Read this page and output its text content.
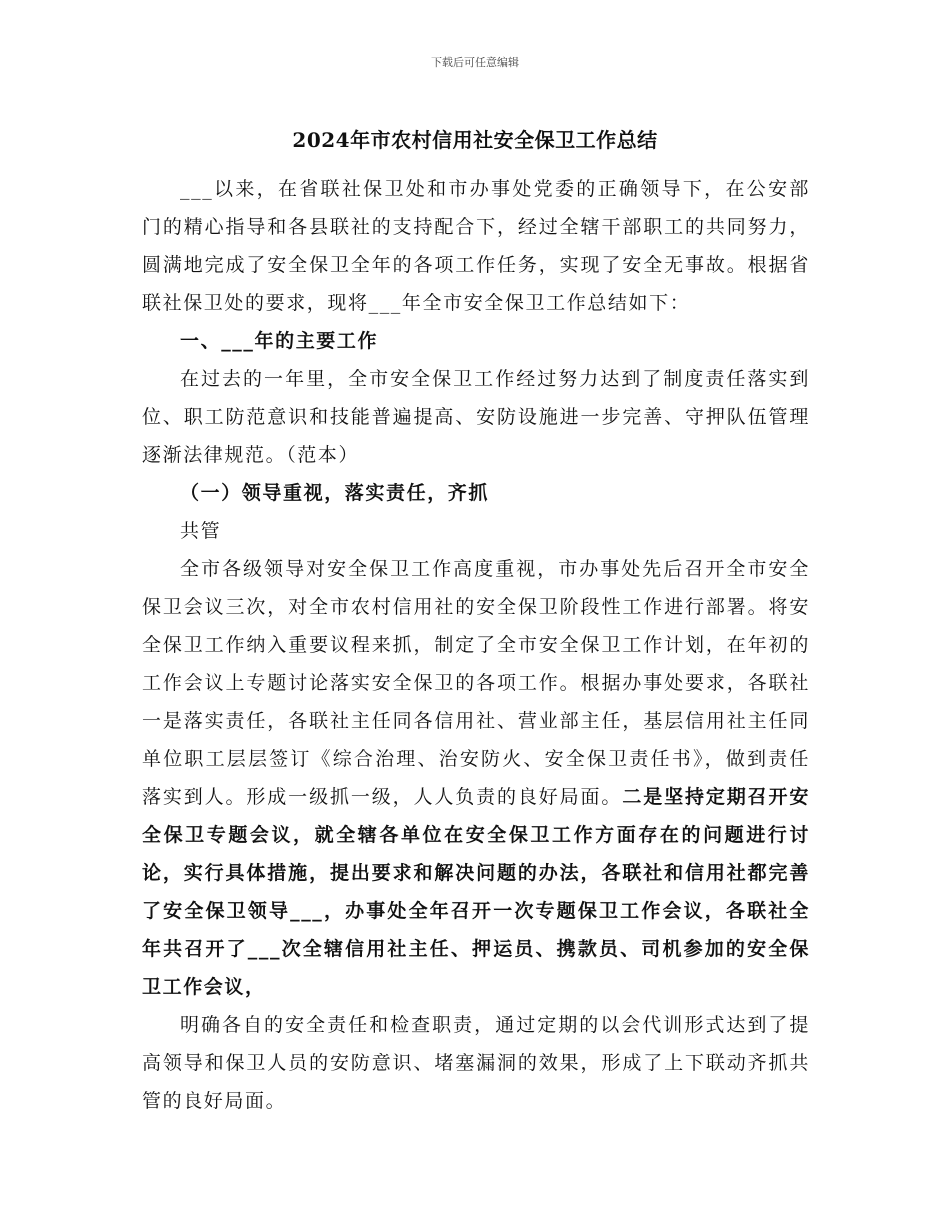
下载后可任意编辑
2024年市农村信用社安全保卫工作总结

___以来，在省联社保卫处和市办事处党委的正确领导下，在公安部门的精心指导和各县联社的支持配合下，经过全辖干部职工的共同努力，圆满地完成了安全保卫全年的各项工作任务，实现了安全无事故。根据省联社保卫处的要求，现将___年全市安全保卫工作总结如下：

一、___年的主要工作

在过去的一年里，全市安全保卫工作经过努力达到了制度责任落实到位、职工防范意识和技能普遍提高、安防设施进一步完善、守押队伍管理逐渐法律规范。（范本）

（一）领导重视，落实责任，齐抓

共管

全市各级领导对安全保卫工作高度重视，市办事处先后召开全市安全保卫会议三次，对全市农村信用社的安全保卫阶段性工作进行部署。将安全保卫工作纳入重要议程来抓，制定了全市安全保卫工作计划，在年初的工作会议上专题讨论落实安全保卫的各项工作。根据办事处要求，各联社一是落实责任，各联社主任同各信用社、营业部主任，基层信用社主任同单位职工层层签订《综合治理、治安防火、安全保卫责任书》，做到责任落实到人。形成一级抓一级，人人负责的良好局面。二是坚持定期召开安全保卫专题会议，就全辖各单位在安全保卫工作方面存在的问题进行讨论，实行具体措施，提出要求和解决问题的办法，各联社和信用社都完善了安全保卫领导___，办事处全年召开一次专题保卫工作会议，各联社全年共召开了___次全辖信用社主任、押运员、携款员、司机参加的安全保卫工作会议，

明确各自的安全责任和检查职责，通过定期的以会代训形式达到了提高领导和保卫人员的安防意识、堵塞漏洞的效果，形成了上下联动齐抓共管的良好局面。
